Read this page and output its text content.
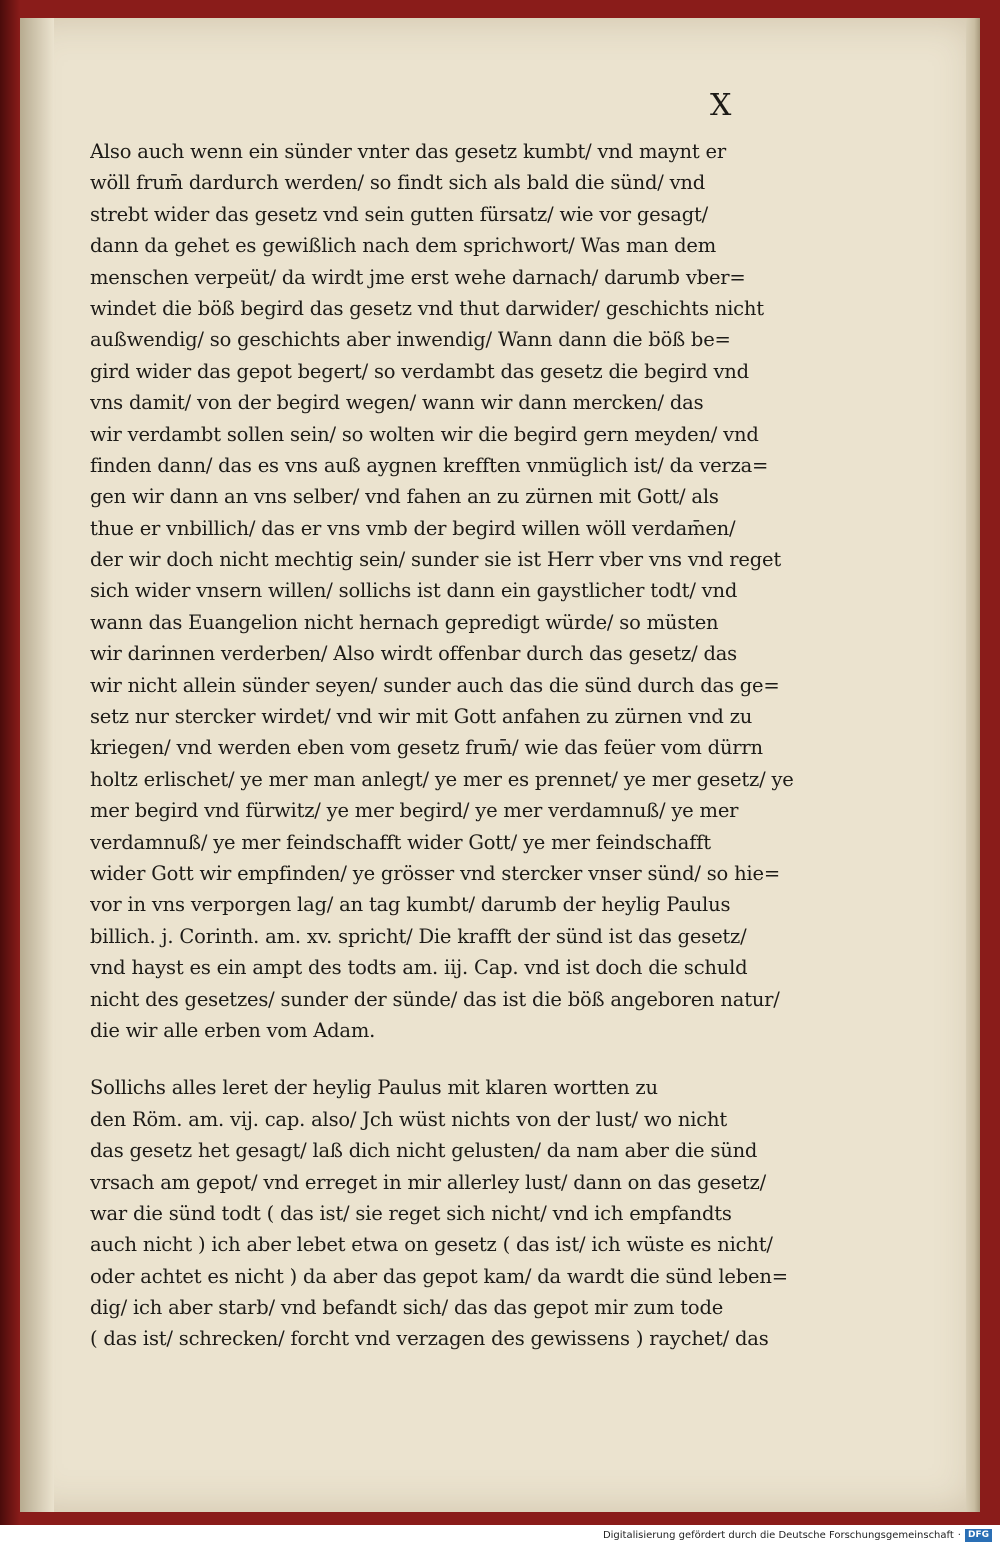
X
Also auch wenn ein sünder vnter das gesetz kumbt/ vnd maynt er
wöll frum̄ dardurch werden/ so findt sich als bald die sünd/ vnd
strebt wider das gesetz vnd sein gutten fürsatz/ wie vor gesagt/
dann da gehet es gewißlich nach dem sprichwort/ Was man dem
menschen verpeüt/ da wirdt jme erst wehe darnach/ darumb vber=
windet die böß begird das gesetz vnd thut darwider/ geschichts nicht
außwendig/ so geschichts aber inwendig/ Wann dann die böß be=
gird wider das gepot begert/ so verdambt das gesetz die begird vnd
vns damit/ von der begird wegen/ wann wir dann mercken/ das
wir verdambt sollen sein/ so wolten wir die begird gern meyden/ vnd
finden dann/ das es vns auß aygnen krefften vnmüglich ist/ da verza=
gen wir dann an vns selber/ vnd fahen an zu zürnen mit Gott/ als
thue er vnbillich/ das er vns vmb der begird willen wöll verdam̄en/
der wir doch nicht mechtig sein/ sunder sie ist Herr vber vns vnd reget
sich wider vnsern willen/ sollichs ist dann ein gaystlicher todt/ vnd
wann das Euangelion nicht hernach gepredigt würde/ so müsten
wir darinnen verderben/ Also wirdt offenbar durch das gesetz/ das
wir nicht allein sünder seyen/ sunder auch das die sünd durch das ge=
setz nur stercker wirdet/ vnd wir mit Gott anfahen zu zürnen vnd zu
kriegen/ vnd werden eben vom gesetz frum̄/ wie das feüer vom dürrn
holtz erlischet/ ye mer man anlegt/ ye mer es prennet/ ye mer gesetz/ ye
mer begird vnd fürwitz/ ye mer begird/ ye mer verdamnuß/ ye mer
verdamnuß/ ye mer feindschafft wider Gott/ ye mer feindschafft
wider Gott wir empfinden/ ye grösser vnd stercker vnser sünd/ so hie=
vor in vns verporgen lag/ an tag kumbt/ darumb der heylig Paulus
billich. j. Corinth. am. xv. spricht/ Die krafft der sünd ist das gesetz/
vnd hayst es ein ampt des todts am. iij. Cap. vnd ist doch die schuld
nicht des gesetzes/ sunder der sünde/ das ist die böß angeboren natur/
die wir alle erben vom Adam.
Sollichs alles leret der heylig Paulus mit klaren wortten zu
den Röm. am. vij. cap. also/ Jch wüst nichts von der lust/ wo nicht
das gesetz het gesagt/ laß dich nicht gelusten/ da nam aber die sünd
vrsach am gepot/ vnd erreget in mir allerley lust/ dann on das gesetz/
war die sünd todt ( das ist/ sie reget sich nicht/ vnd ich empfandts
auch nicht ) ich aber lebet etwa on gesetz ( das ist/ ich wüste es nicht/
oder achtet es nicht ) da aber das gepot kam/ da wardt die sünd leben=
dig/ ich aber starb/ vnd befandt sich/ das das gepot mir zum tode
( das ist/ schrecken/ forcht vnd verzagen des gewissens ) raychet/ das
Digitalisierung gefördert durch die Deutsche Forschungsgemeinschaft · DFG
